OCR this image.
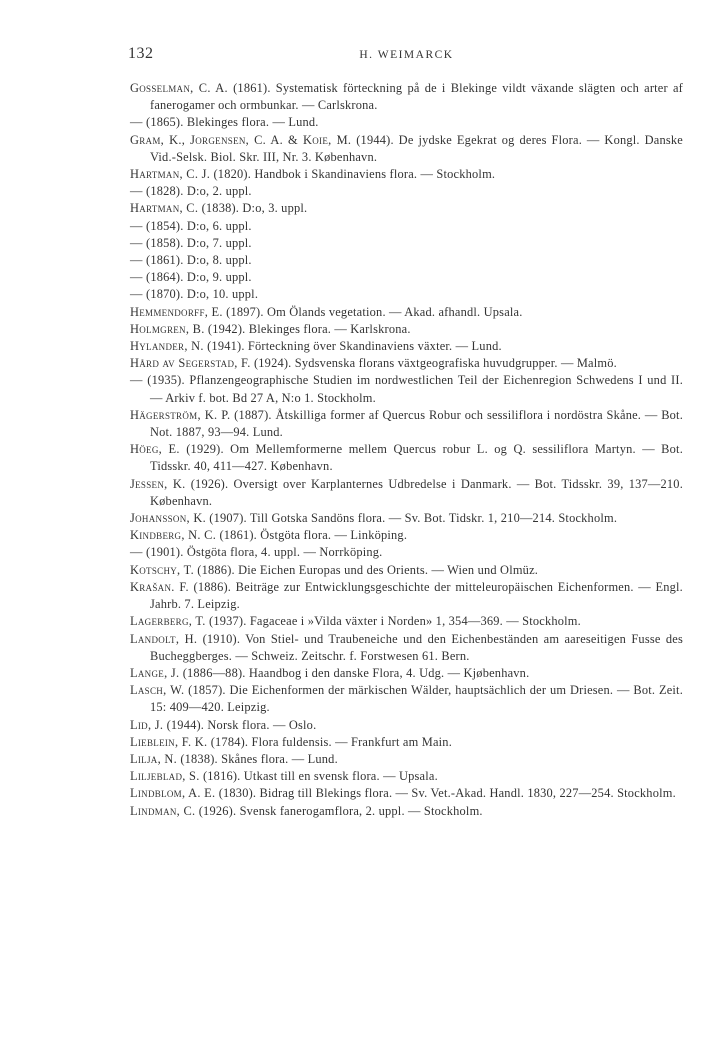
132	H. WEIMARCK

Gosselman, C. A. (1861). Systematisk förteckning på de i Blekinge vildt växande slägten och arter af fanerogamer och ormbunkar. — Carlskrona.

— (1865). Blekinges flora. — Lund.

Gram, K., Jorgensen, C. A. & Koie, M. (1944). De jydske Egekrat og deres Flora. — Kongl. Danske Vid.-Selsk. Biol. Skr. III, Nr. 3. København.

Hartman, C. J. (1820). Handbok i Skandinaviens flora. — Stockholm.

— (1828). D:o, 2. uppl.

Hartman, C. (1838). D:o, 3. uppl.

— (1854). D:o, 6. uppl.

— (1858). D:o, 7. uppl.

— (1861). D:o, 8. uppl.

— (1864). D:o, 9. uppl.

— (1870). D:o, 10. uppl.

Hemmendorff, E. (1897). Om Ölands vegetation. — Akad. afhandl. Upsala.

Holmgren, B. (1942). Blekinges flora. — Karlskrona.

Hylander, N. (1941). Förteckning över Skandinaviens växter. — Lund.

Hård av Segerstad, F. (1924). Sydsvenska florans växtgeografiska huvudgrupper. — Malmö.

— (1935). Pflanzengeographische Studien im nordwestlichen Teil der Eichenregion Schwedens I und II. — Arkiv f. bot. Bd 27 A, N:o 1. Stockholm.

Hägerström, K. P. (1887). Åtskilliga former af Quercus Robur och sessiliflora i nordöstra Skåne. — Bot. Not. 1887, 93—94. Lund.

Höeg, E. (1929). Om Mellemformerne mellem Quercus robur L. og Q. sessiliflora Martyn. — Bot. Tidsskr. 40, 411—427. København.

Jessen, K. (1926). Oversigt over Karplanternes Udbredelse i Danmark. — Bot. Tidsskr. 39, 137—210. København.

Johansson, K. (1907). Till Gotska Sandöns flora. — Sv. Bot. Tidskr. 1, 210—214. Stockholm.

Kindberg, N. C. (1861). Östgöta flora. — Linköping.

— (1901). Östgöta flora, 4. uppl. — Norrköping.

Kotschy, T. (1886). Die Eichen Europas und des Orients. — Wien und Olmüz.

Krašan. F. (1886). Beiträge zur Entwicklungsgeschichte der mitteleuropäischen Eichenformen. — Engl. Jahrb. 7. Leipzig.

Lagerberg, T. (1937). Fagaceae i »Vilda växter i Norden» 1, 354—369. — Stockholm.

Landolt, H. (1910). Von Stiel- und Traubeneiche und den Eichenbeständen am aareseitigen Fusse des Bucheggberges. — Schweiz. Zeitschr. f. Forstwesen 61. Bern.

Lange, J. (1886—88). Haandbog i den danske Flora, 4. Udg. — Kjøbenhavn.

Lasch, W. (1857). Die Eichenformen der märkischen Wälder, hauptsächlich der um Driesen. — Bot. Zeit. 15: 409—420. Leipzig.

Lid, J. (1944). Norsk flora. — Oslo.

Lieblein, F. K. (1784). Flora fuldensis. — Frankfurt am Main.

Lilja, N. (1838). Skånes flora. — Lund.

Liljeblad, S. (1816). Utkast till en svensk flora. — Upsala.

Lindblom, A. E. (1830). Bidrag till Blekings flora. — Sv. Vet.-Akad. Handl. 1830, 227—254. Stockholm.

Lindman, C. (1926). Svensk fanerogamflora, 2. uppl. — Stockholm.
